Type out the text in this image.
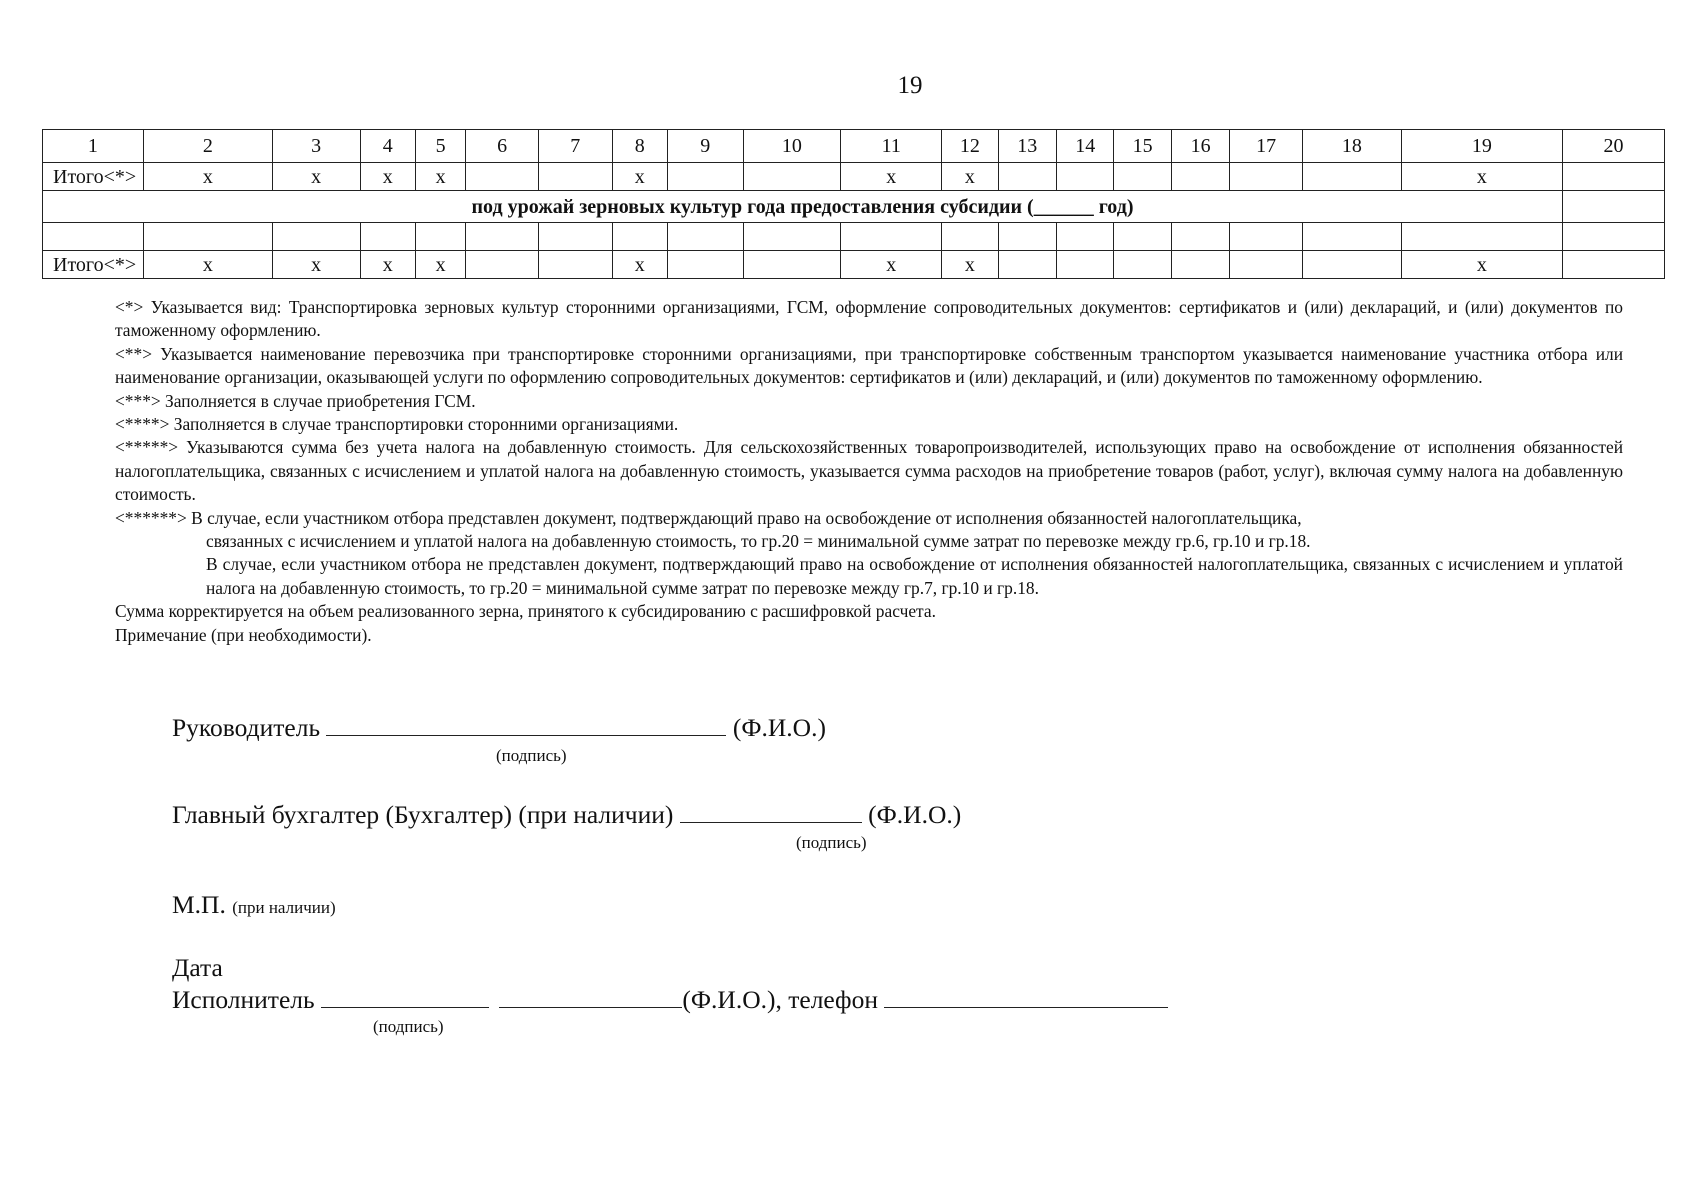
19
1	2	3	4	5	6	7	8	9	10	11	12	13	14	15	16	17	18	19	20
Итого<*>	х	х	х	х			х			х	х							х	
под урожай зерновых культур года предоставления субсидии (______ год)																			

Итого<*>	х	х	х	х			х			х	х							х	

<*> Указывается вид: Транспортировка зерновых культур сторонними организациями, ГСМ, оформление сопроводительных документов: сертификатов и (или) деклараций, и (или) документов по таможенному оформлению.

<**> Указывается наименование перевозчика при транспортировке сторонними организациями, при транспортировке собственным транспортом указывается наименование участника отбора или наименование организации, оказывающей услуги по оформлению сопроводительных документов: сертификатов и (или) деклараций, и (или) документов по таможенному оформлению.

<***> Заполняется в случае приобретения ГСМ.

<****> Заполняется в случае транспортировки сторонними организациями.

<*****> Указываются сумма без учета налога на добавленную стоимость. Для сельскохозяйственных товаропроизводителей, использующих право на освобождение от исполнения обязанностей налогоплательщика, связанных с исчислением и уплатой налога на добавленную стоимость, указывается сумма расходов на приобретение товаров (работ, услуг), включая сумму налога на добавленную стоимость.

<******> В случае, если участником отбора представлен документ, подтверждающий право на освобождение от исполнения обязанностей налогоплательщика,

связанных с исчислением и уплатой налога на добавленную стоимость, то гр.20 = минимальной сумме затрат по перевозке между гр.6, гр.10 и гр.18.

В случае, если участником отбора не представлен документ, подтверждающий право на освобождение от исполнения обязанностей налогоплательщика, связанных с исчислением и уплатой налога на добавленную стоимость, то гр.20 = минимальной сумме затрат по перевозке между гр.7, гр.10 и гр.18.

Сумма корректируется на объем реализованного зерна, принятого к субсидированию с расшифровкой расчета.

Примечание (при необходимости).

Руководитель	(Ф.И.О.)
(подпись)
Главный бухгалтер (Бухгалтер) (при наличии)	(Ф.И.О.)
(подпись)
М.П. (при наличии)
Дата
Исполнитель	(Ф.И.О.), телефон
(подпись)
